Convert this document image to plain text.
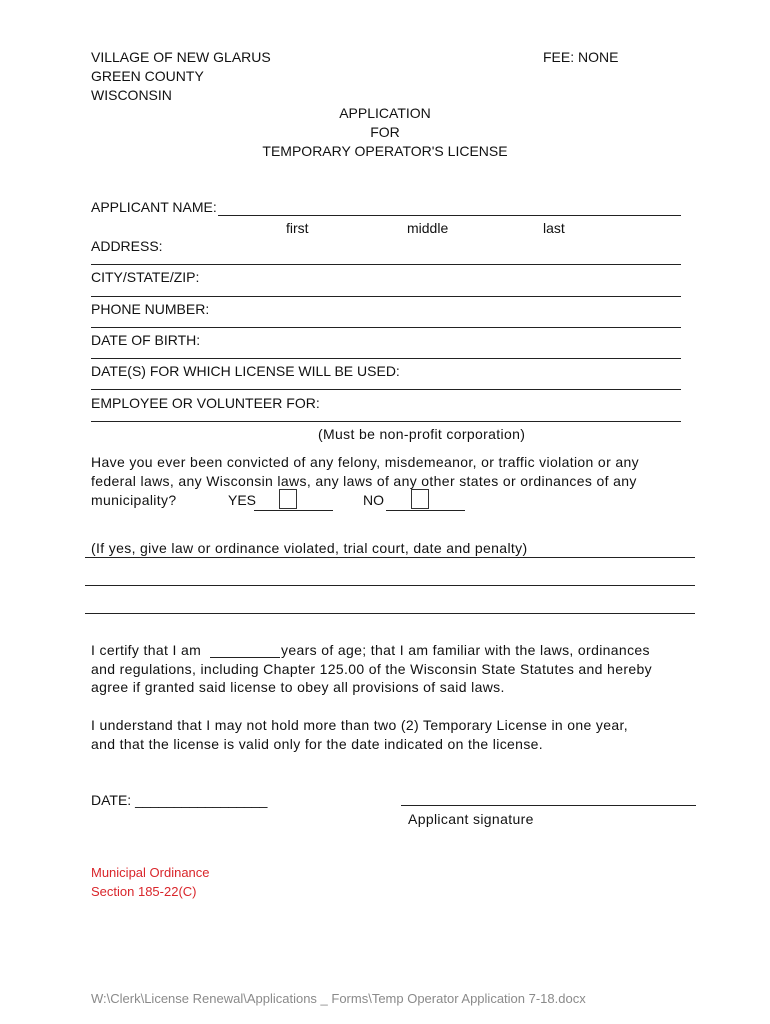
VILLAGE OF NEW GLARUS
GREEN COUNTY
WISCONSIN
FEE: NONE
APPLICATION
FOR
TEMPORARY OPERATOR'S LICENSE
APPLICANT NAME:
first	middle	last
ADDRESS:
CITY/STATE/ZIP:
PHONE NUMBER:
DATE OF BIRTH:
DATE(S) FOR WHICH LICENSE WILL BE USED:
EMPLOYEE OR VOLUNTEER FOR:
(Must be non-profit corporation)
Have you ever been convicted of any felony, misdemeanor, or traffic violation or any
federal laws, any Wisconsin laws, any laws of any other states or ordinances of any
municipality?	YES	NO
(If yes, give law or ordinance violated, trial court, date and penalty)
I certify that I am	years of age; that I am familiar with the laws, ordinances
and regulations, including Chapter 125.00 of the Wisconsin State Statutes and hereby
agree if granted said license to obey all provisions of said laws.
I understand that I may not hold more than two (2) Temporary License in one year,
and that the license is valid only for the date indicated on the license.
DATE: _________________
Applicant signature
Municipal Ordinance
Section 185-22(C)
W:\Clerk\License Renewal\Applications _ Forms\Temp Operator Application 7-18.docx
